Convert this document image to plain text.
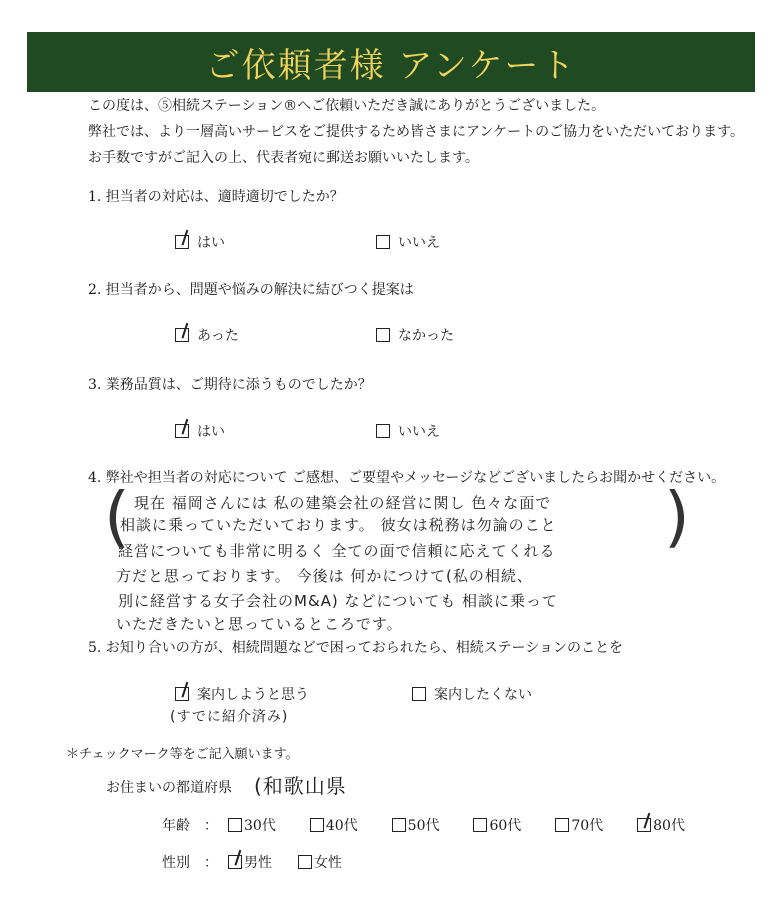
ご依頼者様 アンケート
この度は、⑤相続ステーション®へご依頼いただき誠にありがとうございました。
弊社では、より一層高いサービスをご提供するため皆さまにアンケートのご協力をいただいております。
お手数ですがご記入の上、代表者宛に郵送お願いいたします。
1. 担当者の対応は、適時適切でしたか？
はい	いいえ
2. 担当者から、問題や悩みの解決に結びつく提案は
あった	なかった
3. 業務品質は、ご期待に添うものでしたか？
はい	いいえ
4. 弊社や担当者の対応について ご感想、ご要望やメッセージなどございましたらお聞かせください。
(	)
現在 福岡さんには 私の建築会社の経営に関し 色々な面で
相談に乗っていただいております。 彼女は税務は勿論のこと
経営についても非常に明るく 全ての面で信頼に応えてくれる
方だと思っております。 今後は 何かにつけて(私の相続、
別に経営する女子会社のM&A) などについても 相談に乗って
いただきたいと思っているところです。
5. お知り合いの方が、相続問題などで困っておられたら、相続ステーションのことを
案内しようと思う
(すでに紹介済み)
案内したくない
＊チェックマーク等をご記入願います。
お住まいの都道府県 (和歌山県
年齢 ： 30代	40代	50代	60代	70代	80代
性別 ： 男性	女性
